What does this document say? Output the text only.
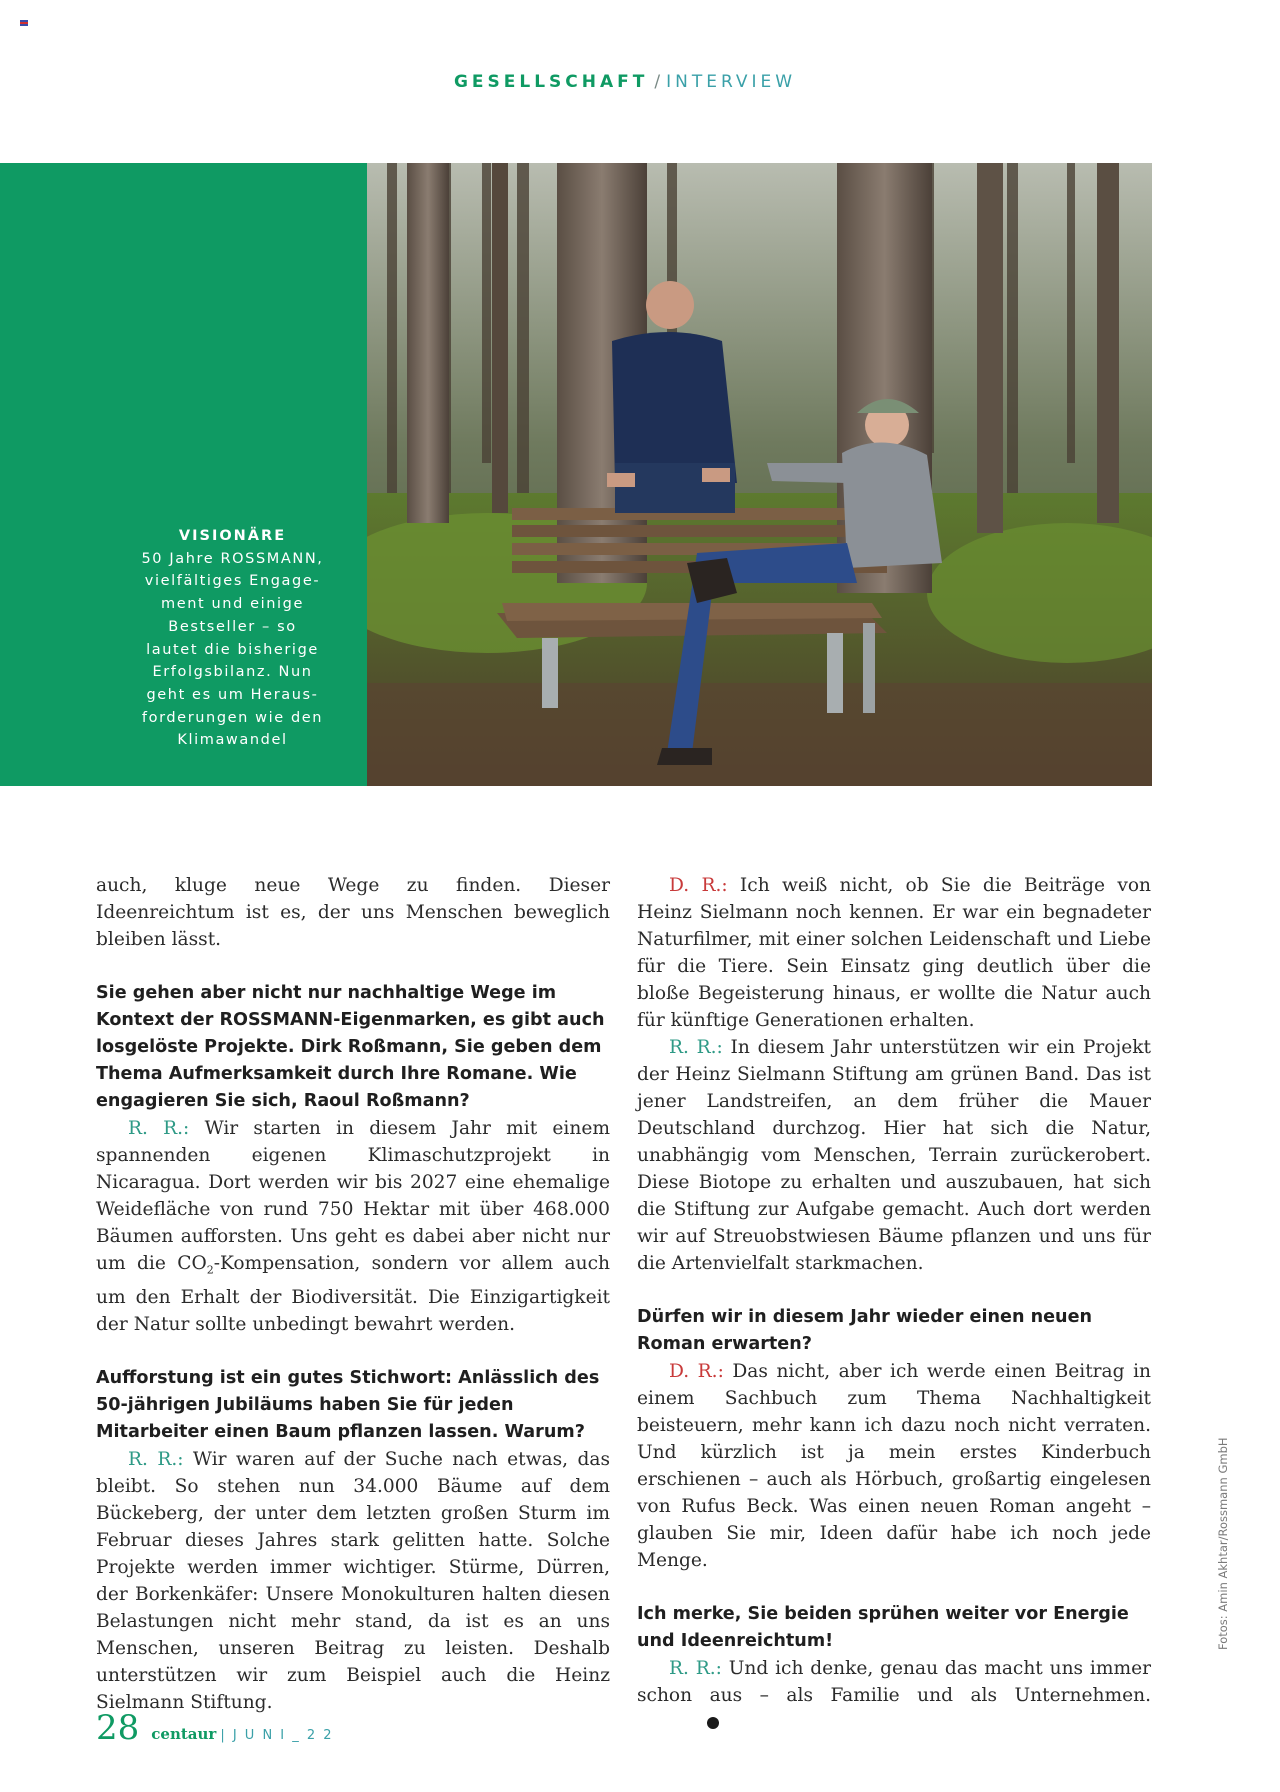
GESELLSCHAFT / INTERVIEW
VISIONÄRE
50 Jahre ROSSMANN,
vielfältiges Engage-
ment und einige
Bestseller – so
lautet die bisherige
Erfolgsbilanz. Nun
geht es um Heraus-
forderungen wie den
Klimawandel

auch, kluge neue Wege zu finden. Dieser Ideenreichtum ist es, der uns Menschen beweglich bleiben lässt.

Sie gehen aber nicht nur nachhaltige Wege im Kontext der ROSSMANN-Eigenmarken, es gibt auch losgelöste Projekte. Dirk Roßmann, Sie geben dem Thema Aufmerksamkeit durch Ihre Romane. Wie engagieren Sie sich, Raoul Roßmann?

R. R.: Wir starten in diesem Jahr mit einem spannenden eigenen Klimaschutzprojekt in Nicaragua. Dort werden wir bis 2027 eine ehemalige Weidefläche von rund 750 Hektar mit über 468.000 Bäumen aufforsten. Uns geht es dabei aber nicht nur um die $CO_2$-Kompensation, sondern vor allem auch um den Erhalt der Biodiversität. Die Einzigartigkeit der Natur sollte unbedingt bewahrt werden.

Aufforstung ist ein gutes Stichwort: Anlässlich des 50-jährigen Jubiläums haben Sie für jeden Mitarbeiter einen Baum pflanzen lassen. Warum?

R. R.: Wir waren auf der Suche nach etwas, das bleibt. So stehen nun 34.000 Bäume auf dem Bückeberg, der unter dem letzten großen Sturm im Februar dieses Jahres stark gelitten hatte. Solche Projekte werden immer wichtiger. Stürme, Dürren, der Borkenkäfer: Unsere Monokulturen halten diesen Belastungen nicht mehr stand, da ist es an uns Menschen, unseren Beitrag zu leisten. Deshalb unterstützen wir zum Beispiel auch die Heinz Sielmann Stiftung.

D. R.: Ich weiß nicht, ob Sie die Beiträge von Heinz Sielmann noch kennen. Er war ein begnadeter Naturfilmer, mit einer solchen Leidenschaft und Liebe für die Tiere. Sein Einsatz ging deutlich über die bloße Begeisterung hinaus, er wollte die Natur auch für künftige Generationen erhalten.

R. R.: In diesem Jahr unterstützen wir ein Projekt der Heinz Sielmann Stiftung am grünen Band. Das ist jener Landstreifen, an dem früher die Mauer Deutschland durchzog. Hier hat sich die Natur, unabhängig vom Menschen, Terrain zurückerobert. Diese Biotope zu erhalten und auszubauen, hat sich die Stiftung zur Aufgabe gemacht. Auch dort werden wir auf Streuobstwiesen Bäume pflanzen und uns für die Artenvielfalt starkmachen.

Dürfen wir in diesem Jahr wieder einen neuen Roman erwarten?

D. R.: Das nicht, aber ich werde einen Beitrag in einem Sachbuch zum Thema Nachhaltigkeit beisteuern, mehr kann ich dazu noch nicht verraten. Und kürzlich ist ja mein erstes Kinderbuch erschienen – auch als Hörbuch, großartig eingelesen von Rufus Beck. Was einen neuen Roman angeht – glauben Sie mir, Ideen dafür habe ich noch jede Menge.

Ich merke, Sie beiden sprühen weiter vor Energie und Ideenreichtum!

R. R.: Und ich denke, genau das macht uns immer schon aus – als Familie und als Unternehmen.

Fotos: Amin Akhtar/Rossmann GmbH
28 centaur | J U N I _ 2 2
